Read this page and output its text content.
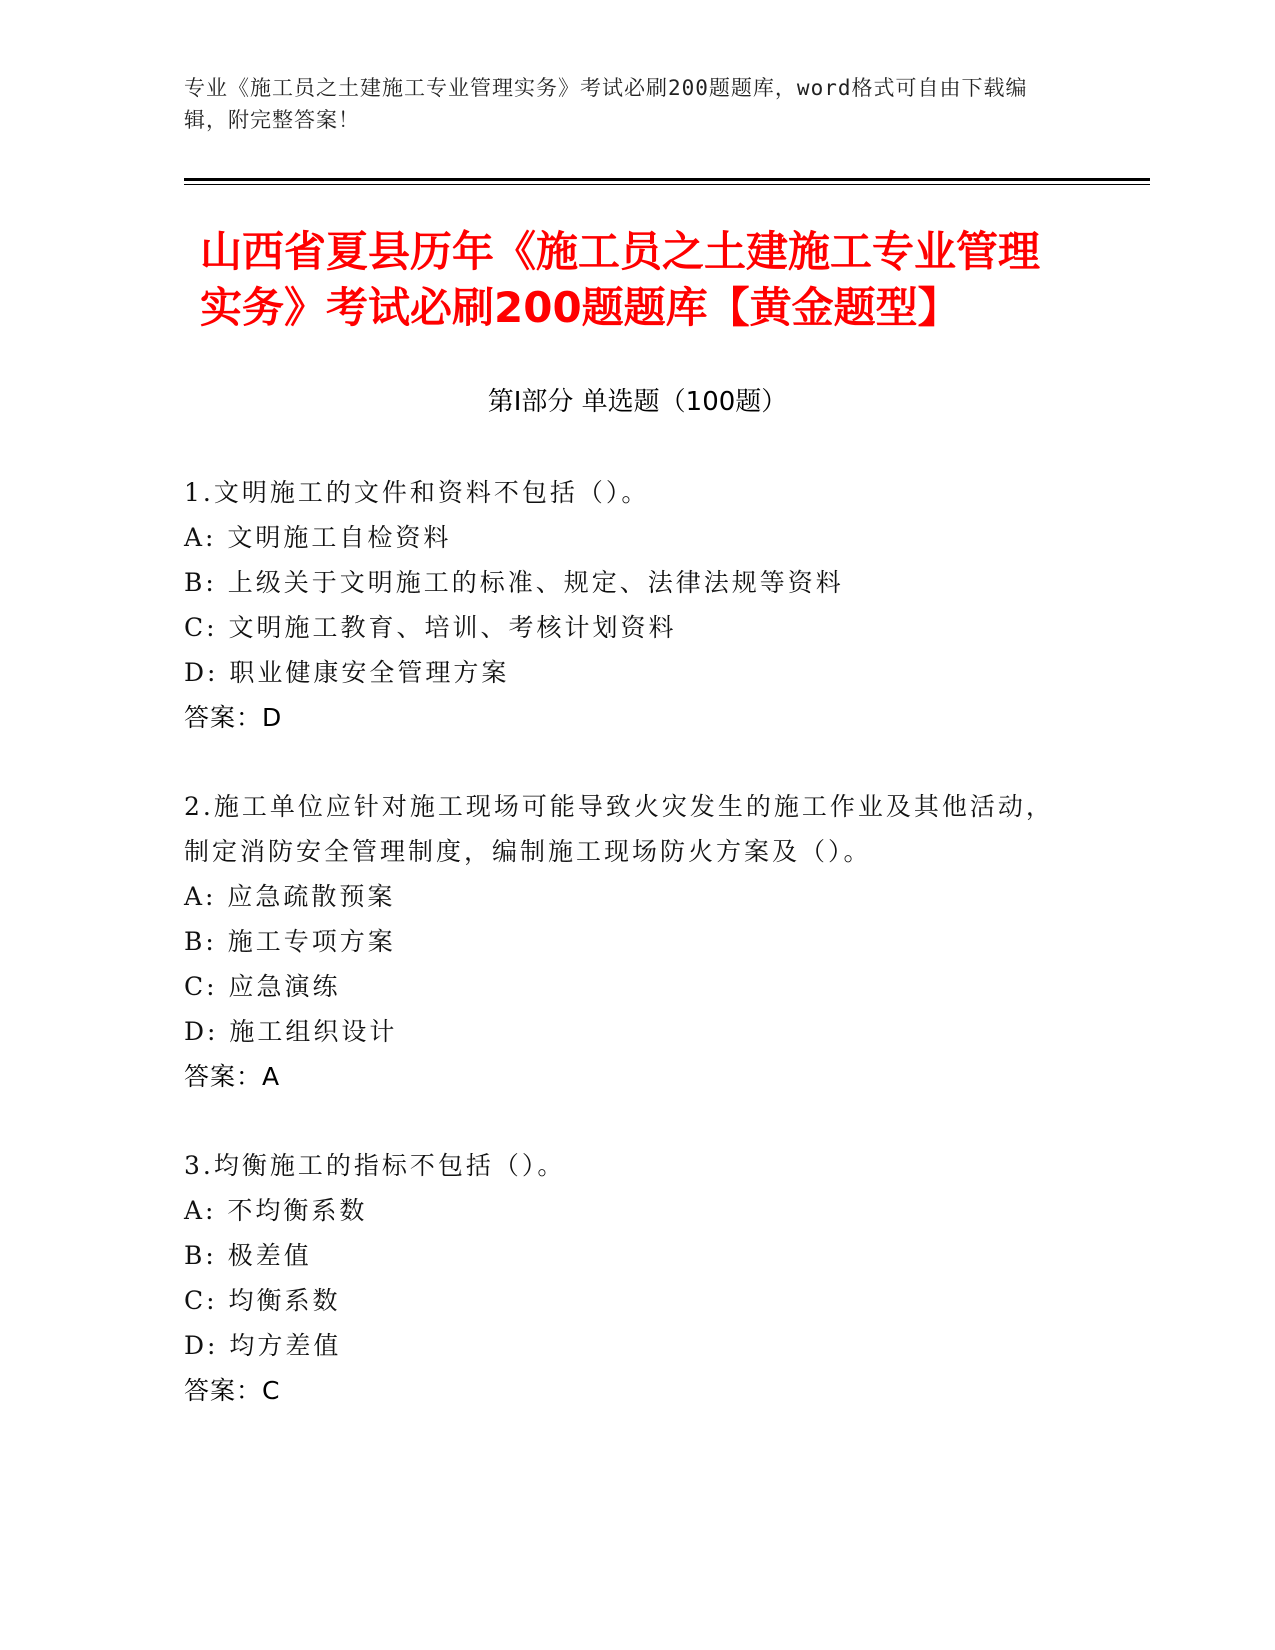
专业《施工员之土建施工专业管理实务》考试必刷200题题库，word格式可自由下载编辑，附完整答案！
山西省夏县历年《施工员之土建施工专业管理实务》考试必刷200题题库【黄金题型】
第Ⅰ部分 单选题（100题）
1.文明施工的文件和资料不包括（）。
A: 文明施工自检资料
B: 上级关于文明施工的标准、规定、法律法规等资料
C: 文明施工教育、培训、考核计划资料
D: 职业健康安全管理方案
答案：D
2.施工单位应针对施工现场可能导致火灾发生的施工作业及其他活动，制定消防安全管理制度，编制施工现场防火方案及（）。
A: 应急疏散预案
B: 施工专项方案
C: 应急演练
D: 施工组织设计
答案：A
3.均衡施工的指标不包括（）。
A: 不均衡系数
B: 极差值
C: 均衡系数
D: 均方差值
答案：C
